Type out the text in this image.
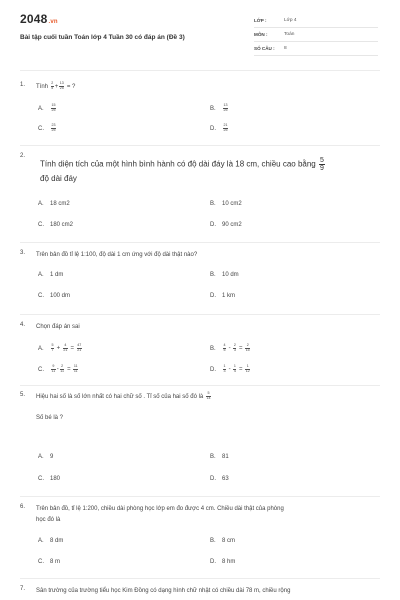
2048.vn
Bài tập cuối tuần Toán lớp 4 Tuần 30 có đáp án (Đề 3)
LỚP :	Lớp 4
MÔN :	Toán
SỐ CÂU : 8
1. Tính $\frac{2}{5} + \frac{13}{25}$ = ?
A. $\frac{15}{25}$	B. $\frac{13}{25}$
C. $\frac{23}{25}$	D. $\frac{21}{25}$
2.
Tính diện tích của một hình bình hành có độ dài đáy là 18 cm, chiều cao bằng $\frac{5}{9}$

độ dài đáy
A. 18 cm2	B. 10 cm2
C. 180 cm2	D. 90 cm2
3. Trên bản đồ tỉ lệ 1:100, độ dài 1 cm ứng với độ dài thật nào?
A. 1 dm	B. 10 dm
C. 100 dm	D. 1 km
4. Chọn đáp án sai
A. $\frac{5}{7} + \frac{4}{21} = \frac{47}{21}$	B. $\frac{4}{5} - \frac{2}{3} = \frac{2}{15}$
C. $\frac{9}{11} - \frac{2}{11} = \frac{11}{11}$	D. $\frac{1}{3} - \frac{1}{4} = \frac{1}{12}$
5. Hiệu hai số là số lớn nhất có hai chữ số . Tỉ số của hai số đó là $\frac{5}{14}$
Số bé là ?
A. 9	B. 81
C. 180	D. 63
6. Trên bản đồ, tỉ lệ 1:200, chiều dài phòng học lớp em đo được 4 cm. Chiều dài thật của phòng
học đó là
A. 8 dm	B. 8 cm
C. 8 m	D. 8 hm
7. Sân trường của trường tiểu học Kim Đồng có dạng hình chữ nhật có chiều dài 78 m, chiều rộng
